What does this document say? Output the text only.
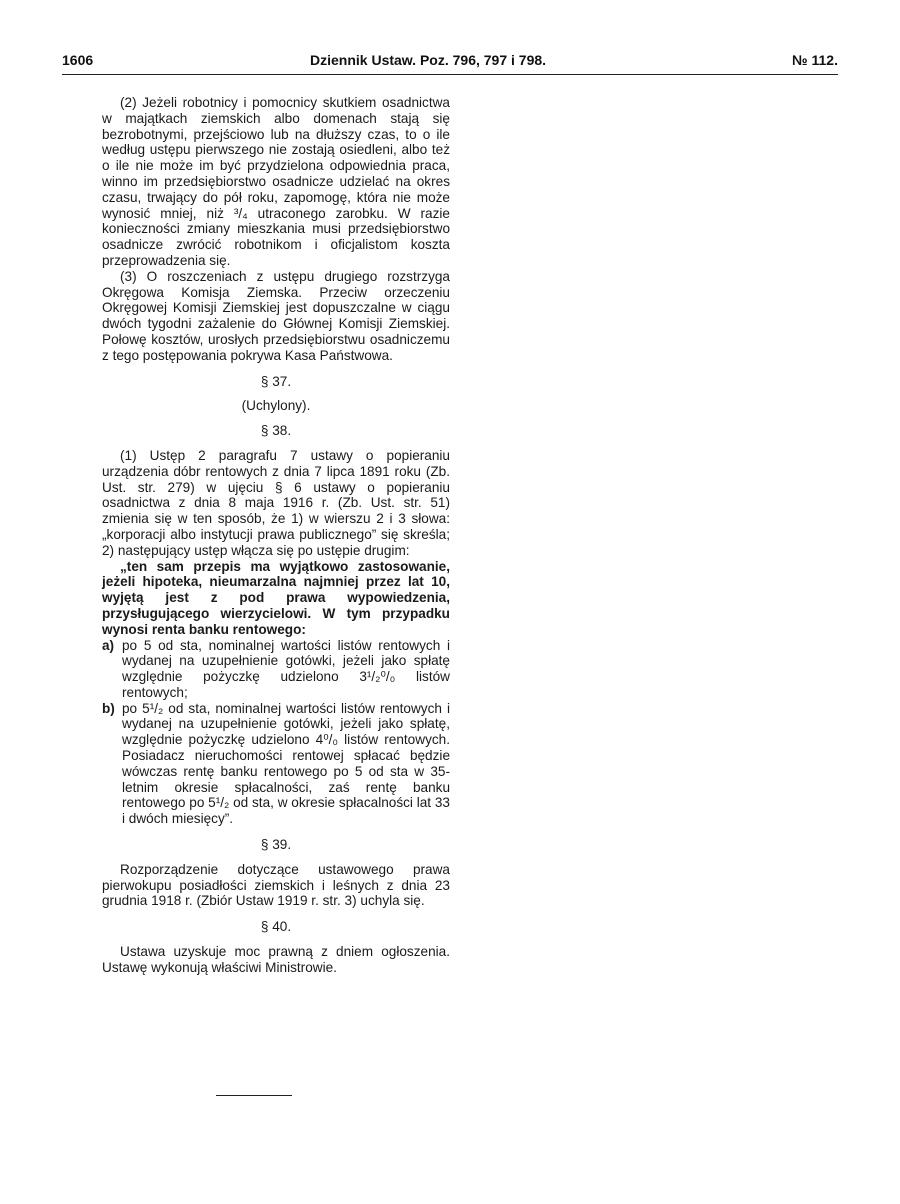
1606	Dziennik Ustaw. Poz. 796, 797 i 798.	№ 112.

(2) Jeżeli robotnicy i pomocnicy skutkiem osadnictwa w majątkach ziemskich albo domenach stają się bezrobotnymi, przejściowo lub na dłuższy czas, to o ile według ustępu pierwszego nie zostają osiedleni, albo też o ile nie może im być przydzielona odpowiednia praca, winno im przedsiębiorstwo osadnicze udzielać na okres czasu, trwający do pół roku, zapomogę, która nie może wynosić mniej, niż ³/₄ utraconego zarobku. W razie konieczności zmiany mieszkania musi przedsiębiorstwo osadnicze zwrócić robotnikom i oficjalistom koszta przeprowadzenia się.

(3) O roszczeniach z ustępu drugiego rozstrzyga Okręgowa Komisja Ziemska. Przeciw orzeczeniu Okręgowej Komisji Ziemskiej jest dopuszczalne w ciągu dwóch tygodni zażalenie do Głównej Komisji Ziemskiej. Połowę kosztów, urosłych przedsiębiorstwu osadniczemu z tego postępowania pokrywa Kasa Państwowa.

§ 37.

(Uchylony).

§ 38.

(1) Ustęp 2 paragrafu 7 ustawy o popieraniu urządzenia dóbr rentowych z dnia 7 lipca 1891 roku (Zb. Ust. str. 279) w ujęciu § 6 ustawy o popieraniu osadnictwa z dnia 8 maja 1916 r. (Zb. Ust. str. 51) zmienia się w ten sposób, że 1) w wierszu 2 i 3 słowa: „korporacji albo instytucji prawa publicznego” się skreśla; 2) następujący ustęp włącza się po ustępie drugim:

„ten sam przepis ma wyjątkowo zastosowanie, jeżeli hipoteka, nieumarzalna najmniej przez lat 10, wyjętą jest z pod prawa wypowiedzenia, przysługującego wierzycielowi. W tym przypadku wynosi renta banku rentowego:

a) po 5 od sta, nominalnej wartości listów rentowych i wydanej na uzupełnienie gotówki, jeżeli jako spłatę względnie pożyczkę udzielono 3¹/₂⁰/₀ listów rentowych;
b) po 5¹/₂ od sta, nominalnej wartości listów rentowych i wydanej na uzupełnienie gotówki, jeżeli jako spłatę, względnie pożyczkę udzielono 4⁰/₀ listów rentowych. Posiadacz nieruchomości rentowej spłacać będzie wówczas rentę banku rentowego po 5 od sta w 35-letnim okresie spłacalności, zaś rentę banku rentowego po 5¹/₂ od sta, w okresie spłacalności lat 33 i dwóch miesięcy”.

§ 39.

Rozporządzenie dotyczące ustawowego prawa pierwokupu posiadłości ziemskich i leśnych z dnia 23 grudnia 1918 r. (Zbiór Ustaw 1919 r. str. 3) uchyla się.

§ 40.

Ustawa uzyskuje moc prawną z dniem ogłoszenia. Ustawę wykonują właściwi Ministrowie.
